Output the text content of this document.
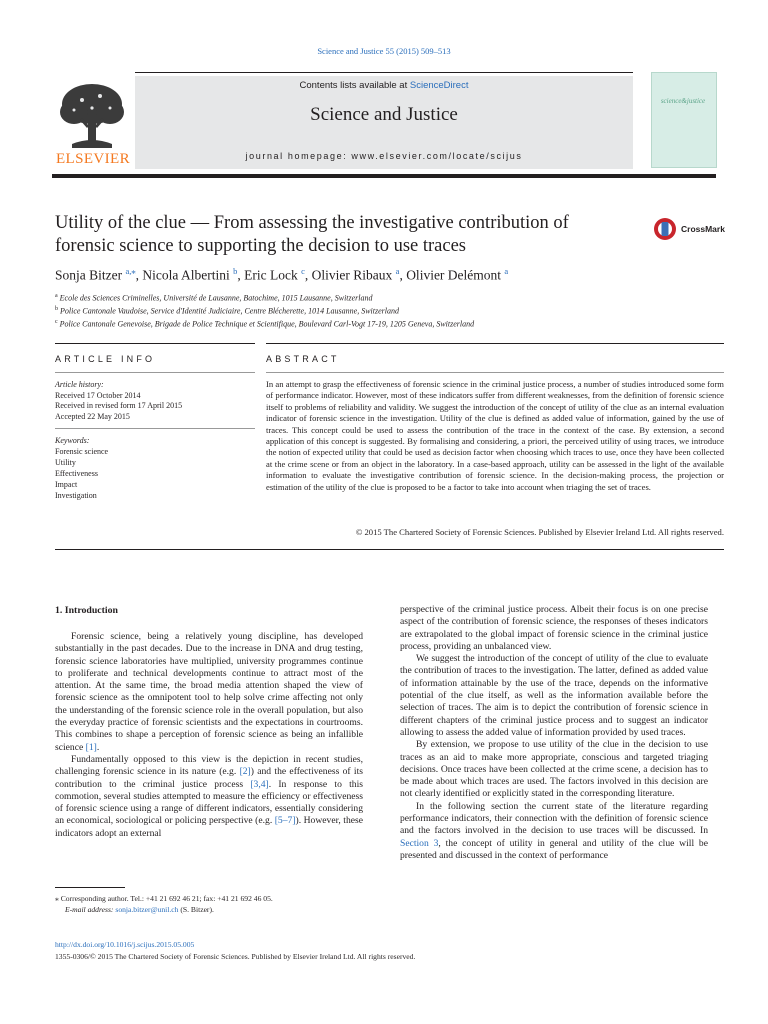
Science and Justice 55 (2015) 509–513
Contents lists available at ScienceDirect
Science and Justice
journal homepage: www.elsevier.com/locate/scijus
ELSEVIER
science&justice
Utility of the clue — From assessing the investigative contribution of forensic science to supporting the decision to use traces
CrossMark
Sonja Bitzer $^{a,⁎}$, Nicola Albertini $^b$, Eric Lock $^c$, Olivier Ribaux $^a$, Olivier Delémont $^a$
$^a$ Ecole des Sciences Criminelles, Université de Lausanne, Batochime, 1015 Lausanne, Switzerland
$^b$ Police Cantonale Vaudoise, Service d'Identité Judiciaire, Centre Blécherette, 1014 Lausanne, Switzerland
$^c$ Police Cantonale Genevoise, Brigade de Police Technique et Scientifique, Boulevard Carl-Vogt 17-19, 1205 Geneva, Switzerland
ARTICLE INFO	ABSTRACT
Article history:
Received 17 October 2014
Received in revised form 17 April 2015
Accepted 22 May 2015
Keywords:
Forensic science
Utility
Effectiveness
Impact
Investigation
In an attempt to grasp the effectiveness of forensic science in the criminal justice process, a number of studies introduced some form of performance indicator. However, most of these indicators suffer from different weaknesses, from the definition of forensic science itself to problems of reliability and validity. We suggest the introduction of the concept of utility of the clue as an internal evaluation indicator of forensic science in the investigation. Utility of the clue is defined as added value of information, gained by the use of traces. This concept could be used to assess the contribution of the trace in the context of the case. By extension, a second application of this concept is suggested. By formalising and considering, a priori, the perceived utility of using traces, we introduce the notion of expected utility that could be used as decision factor when choosing which traces to use, once they have been collected at the crime scene or from an object in the laboratory. In a case-based approach, utility can be assessed in the light of the available information to evaluate the investigative contribution of forensic science. In the decision-making process, the projection or estimation of the utility of the clue is proposed to be a factor to take into account when triaging the set of traces.
© 2015 The Chartered Society of Forensic Sciences. Published by Elsevier Ireland Ltd. All rights reserved.
1. Introduction

Forensic science, being a relatively young discipline, has developed substantially in the past decades. Due to the increase in DNA and drug testing, forensic science laboratories have multiplied, university programmes continue to proliferate and technical developments continue to attract most of the attention. At the same time, the broad media attention shaped the view of forensic science as the omnipotent tool to help solve crime affecting not only the understanding of the forensic science role in the overall population, but also the everyday practice of forensic scientists and the expectations in courtrooms. This combines to shape a perception of forensic science as being an infallible science [1].

Fundamentally opposed to this view is the depiction in recent studies, challenging forensic science in its nature (e.g. [2]) and the effectiveness of its contribution to the criminal justice process [3,4]. In response to this commotion, several studies attempted to measure the efficiency or effectiveness of forensic science using a range of different indicators, essentially considering an economical, sociological or policing perspective (e.g. [5–7]). However, these indicators adopt an external

perspective of the criminal justice process. Albeit their focus is on one precise aspect of the contribution of forensic science, the responses of theses indicators are extrapolated to the global impact of forensic science in the criminal justice process, providing an unbalanced view.

We suggest the introduction of the concept of utility of the clue to evaluate the contribution of traces to the investigation. The latter, defined as added value of information attainable by the use of the trace, depends on the informative potential of the clue itself, as well as the information available before the selection of traces. The aim is to depict the contribution of forensic science in different chapters of the criminal justice process and to suggest an indicator allowing to assess the added value of information provided by used traces.

By extension, we propose to use utility of the clue in the decision to use traces as an aid to make more appropriate, conscious and targeted triaging decisions. Once traces have been collected at the crime scene, a decision has to be made about which traces are used. The factors involved in this decision are not clearly identified or explicitly stated in the corresponding literature.

In the following section the current state of the literature regarding performance indicators, their connection with the definition of forensic science and the factors involved in the decision to use traces will be discussed. In Section 3, the concept of utility in general and utility of the clue will be presented and discussed in the context of performance

⁎ Corresponding author. Tel.: +41 21 692 46 21; fax: +41 21 692 46 05.
E-mail address: sonja.bitzer@unil.ch (S. Bitzer).
http://dx.doi.org/10.1016/j.scijus.2015.05.005
1355-0306/© 2015 The Chartered Society of Forensic Sciences. Published by Elsevier Ireland Ltd. All rights reserved.
